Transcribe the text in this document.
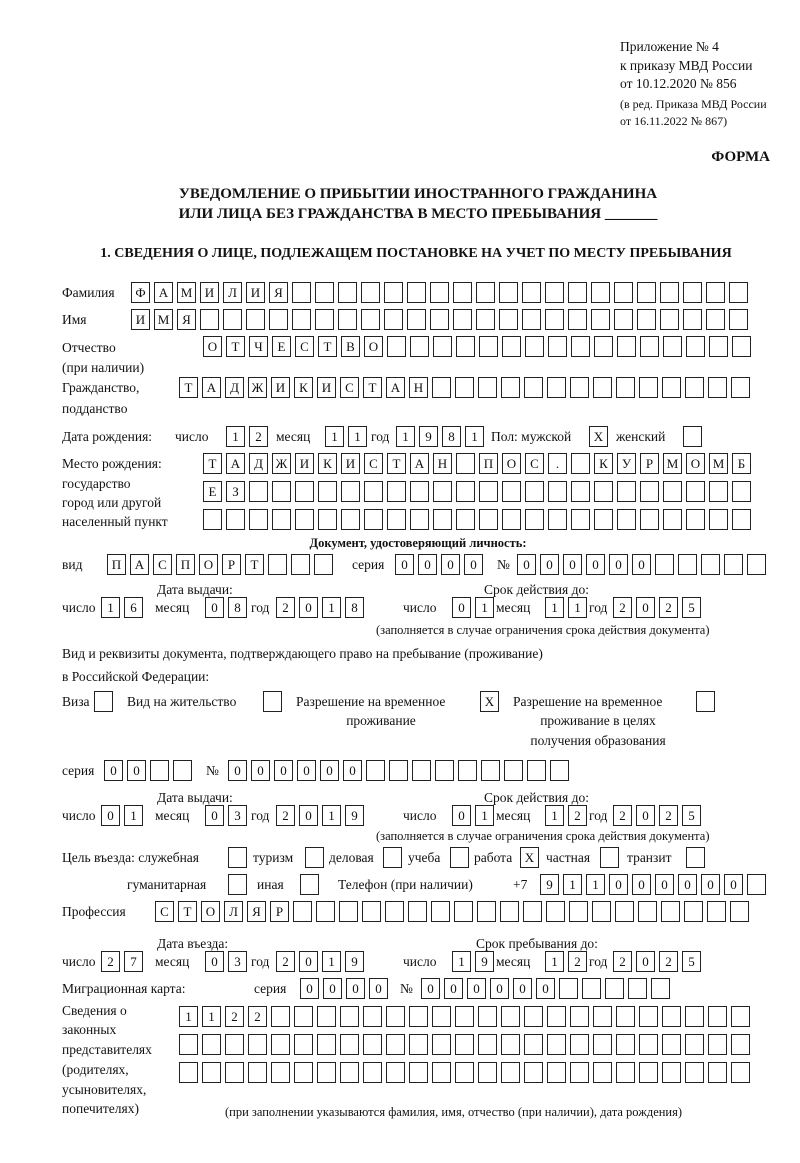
Приложение № 4
к приказу МВД России
от 10.12.2020 № 856
(в ред. Приказа МВД России
от 16.11.2022 № 867)
ФОРМА
УВЕДОМЛЕНИЕ О ПРИБЫТИИ ИНОСТРАННОГО ГРАЖДАНИНА
ИЛИ ЛИЦА БЕЗ ГРАЖДАНСТВА В МЕСТО ПРЕБЫВАНИЯ _______
1. СВЕДЕНИЯ О ЛИЦЕ, ПОДЛЕЖАЩЕМ ПОСТАНОВКЕ НА УЧЕТ ПО МЕСТУ ПРЕБЫВАНИЯ
Фамилия	Ф	А М И	Л	И	Я
Имя	И М Я
Отчество
(при наличии)
О	Т	Ч	Е	С	Т	В	О
Гражданство,
подданство
Т	А	Д Ж И	К	И	С	Т	А	Н
Дата рождения: число	1	2	месяц	1	1 год 1	9	8	1 Пол: мужской	X женский
Место рождения:
государство
город или другой
населенный пункт
Т	А	Д Ж И	К	И	С	Т	А	Н	П	О	С	.	К	У	Р	М О М	Б
Е	З
Документ, удостоверяющий личность:
вид	П	А	С	П	О	Р	Т	серия	0	0	0	0	№	0	0	0	0	0	0
Дата выдачи:	Срок действия до:
число 1	6	месяц	0	8 год 2	0	1	8	число	0	1 месяц	1	1 год 2	0	2	5
(заполняется в случае ограничения срока действия документа)
Вид и реквизиты документа, подтверждающего право на пребывание (проживание)
в Российской Федерации:
Виза	Вид на жительство	Разрешение на временное
проживание
X	Разрешение на временное
проживание в целях
получения образования
серия	0	0	№	0	0	0	0	0	0
Дата выдачи:	Срок действия до:
число 0	1	месяц	0	3 год 2	0	1	9	число	0	1 месяц	1	2 год 2	0	2	5
(заполняется в случае ограничения срока действия документа)
Цель въезда: служебная	туризм	деловая	учеба работа X частная	транзит
гуманитарная	иная	Телефон (при наличии)	+7	9	1	1	0	0	0	0	0	0
Профессия	С	Т	О	Л	Я	Р
Дата въезда:	Срок пребывания до:
число 2	7	месяц	0	3 год 2	0	1	9	число	1	9 месяц	1	2 год 2	0	2	5
Миграционная карта:	серия	0	0	0	0	№	0	0	0	0	0	0
Сведения о
законных
представителях
(родителях,
усыновителях,
попечителях)
1	1	2	2
(при заполнении указываются фамилия, имя, отчество (при наличии), дата рождения)
